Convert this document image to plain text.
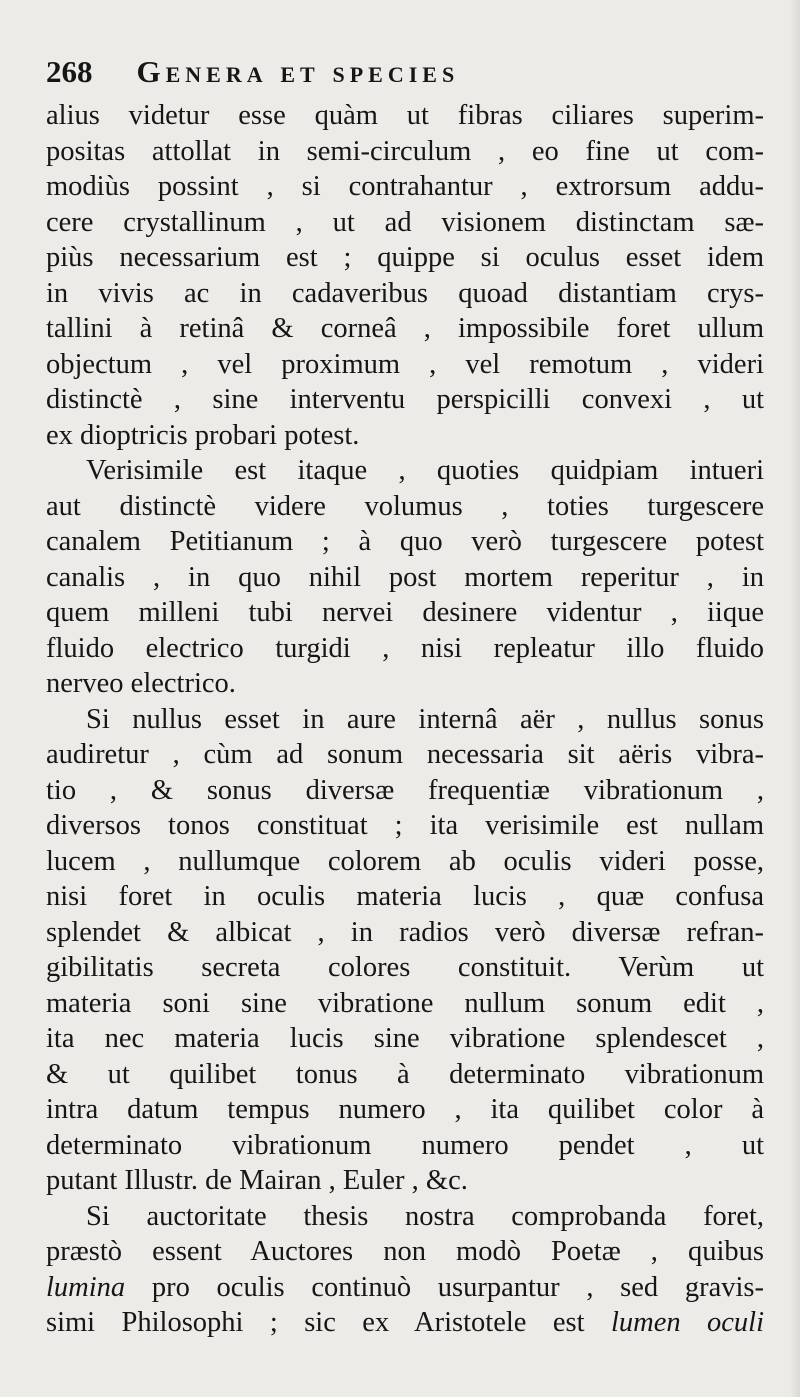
268 Genera et species
alius videtur esse quàm ut fibras ciliares superim-
positas attollat in semi-circulum , eo fine ut com-
modiùs possint , si contrahantur , extrorsum addu-
cere crystallinum , ut ad visionem distinctam sæ-
piùs necessarium est ; quippe si oculus esset idem
in vivis ac in cadaveribus quoad distantiam crys-
tallini à retinâ & corneâ , impossibile foret ullum
objectum , vel proximum , vel remotum , videri
distinctè , sine interventu perspicilli convexi , ut
ex dioptricis probari potest.
Verisimile est itaque , quoties quidpiam intueri
aut distinctè videre volumus , toties turgescere
canalem Petitianum ; à quo verò turgescere potest
canalis , in quo nihil post mortem reperitur , in
quem milleni tubi nervei desinere videntur , iique
fluido electrico turgidi , nisi repleatur illo fluido
nerveo electrico.
Si nullus esset in aure internâ aër , nullus sonus
audiretur , cùm ad sonum necessaria sit aëris vibra-
tio , & sonus diversæ frequentiæ vibrationum ,
diversos tonos constituat ; ita verisimile est nullam
lucem , nullumque colorem ab oculis videri posse,
nisi foret in oculis materia lucis , quæ confusa
splendet & albicat , in radios verò diversæ refran-
gibilitatis secreta colores constituit. Verùm ut
materia soni sine vibratione nullum sonum edit ,
ita nec materia lucis sine vibratione splendescet ,
& ut quilibet tonus à determinato vibrationum
intra datum tempus numero , ita quilibet color à
determinato vibrationum numero pendet , ut
putant Illustr. de Mairan , Euler , &c.
Si auctoritate thesis nostra comprobanda foret,
præstò essent Auctores non modò Poetæ , quibus
lumina pro oculis continuò usurpantur , sed gravis-
simi Philosophi ; sic ex Aristotele est lumen oculi
